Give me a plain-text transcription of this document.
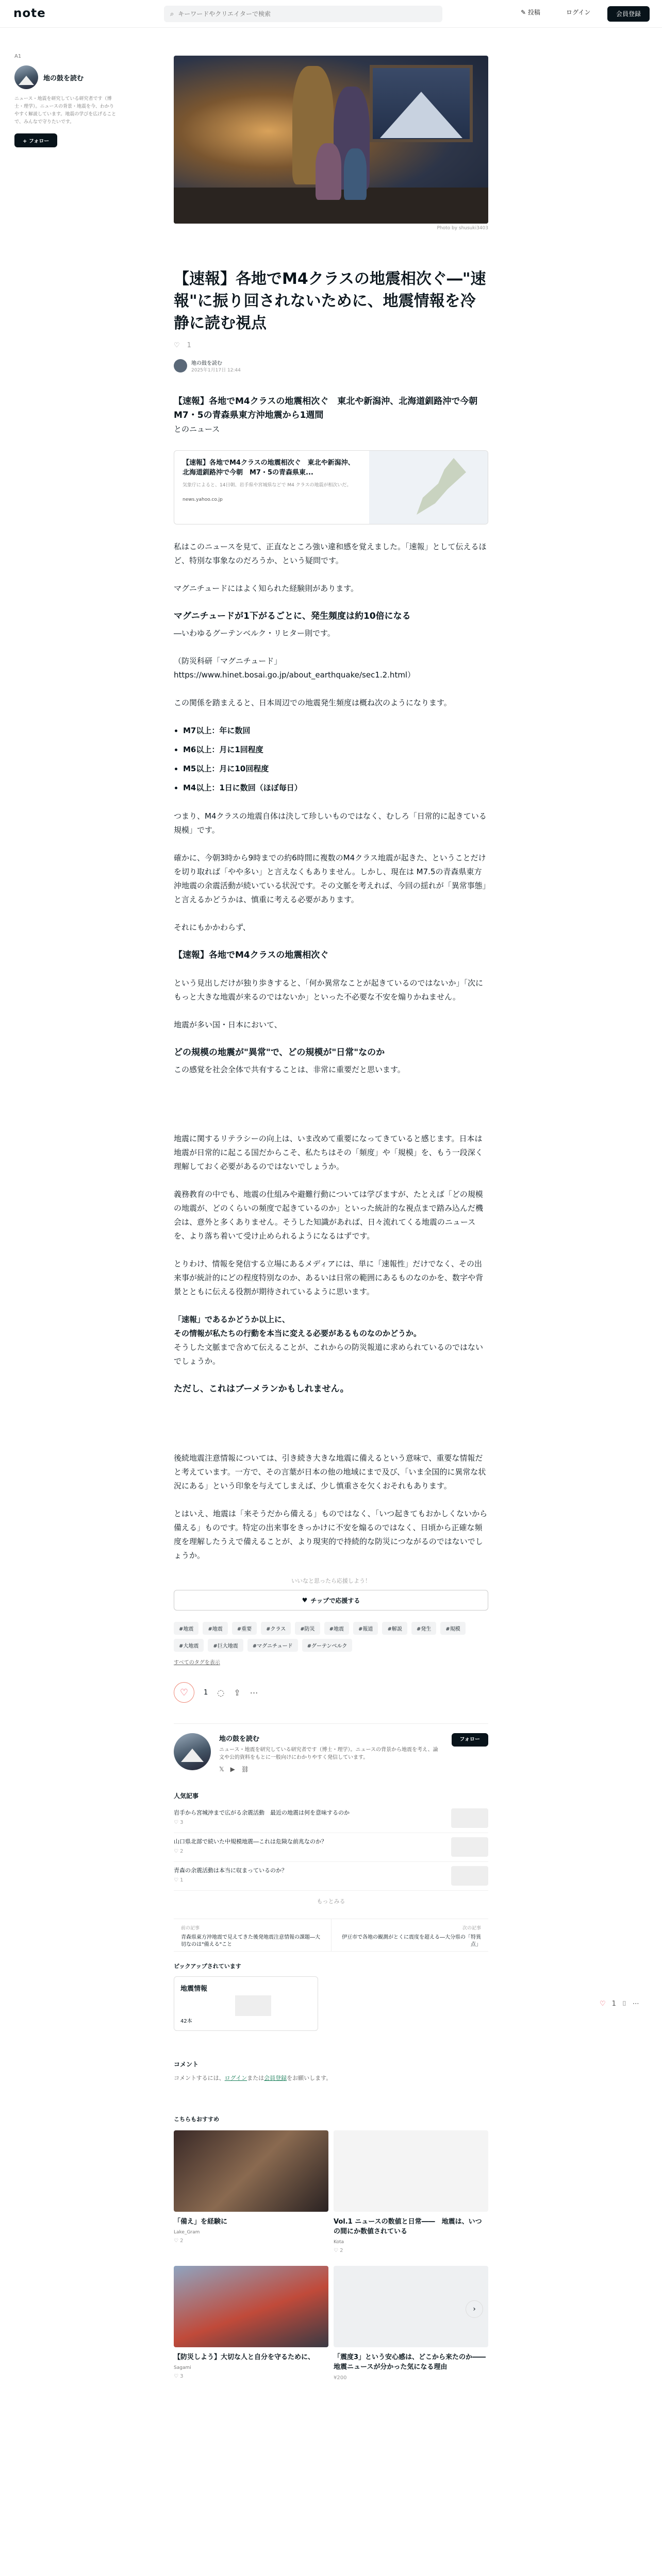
note	⌕
キーワードやクリエイターで検索	✎ 投稿	ログイン	会員登録
A1
地の鼓を読む
ニュース・地震を研究している研究者です（博士・理学）。ニュースの背景・地震を今、わかりやすく解説しています。地震の学びを広げることで、みんなで守りたいです。
+ フォロー
♡ 1 ⌷ ⋯
Photo by shusuki3403
【速報】各地でM4クラスの地震相次ぐ―"速報"に振り回されないために、地震情報を冷静に読む視点
♡ 1
地の鼓を読む
2025年1月17日 12:44

【速報】各地でM4クラスの地震相次ぐ　東北や新潟沖、北海道釧路沖で今朝　M7・5の青森県東方沖地震から1週間
とのニュース

【速報】各地でM4クラスの地震相次ぐ　東北や新潟沖、北海道釧路沖で今朝　M7・5の青森県東...
気象庁によると、14日朝、岩手県や宮城県などで M4 クラスの地震が相次いだ。
news.yahoo.co.jp

私はこのニュースを見て、正直なところ強い違和感を覚えました。「速報」として伝えるほど、特別な事象なのだろうか、という疑問です。

マグニチュードにはよく知られた経験則があります。

マグニチュードが1下がるごとに、発生頻度は約10倍になる

―いわゆるグーテンベルク・リヒター則です。

（防災科研「マグニチュード」
https://www.hinet.bosai.go.jp/about_earthquake/sec1.2.html）

この関係を踏まえると、日本周辺での地震発生頻度は概ね次のようになります。

• M7以上：年に数回
• M6以上：月に1回程度
• M5以上：月に10回程度
• M4以上：1日に数回（ほぼ毎日）

つまり、M4クラスの地震自体は決して珍しいものではなく、むしろ「日常的に起きている規模」です。

確かに、今朝3時から9時までの約6時間に複数のM4クラス地震が起きた、ということだけを切り取れば「やや多い」と言えなくもありません。しかし、現在は M7.5の青森県東方沖地震の余震活動が続いている状況です。その文脈を考えれば、今回の揺れが「異常事態」と言えるかどうかは、慎重に考える必要があります。

それにもかかわらず、

【速報】各地でM4クラスの地震相次ぐ

という見出しだけが独り歩きすると、「何か異常なことが起きているのではないか」「次にもっと大きな地震が来るのではないか」といった不必要な不安を煽りかねません。

地震が多い国・日本において、

どの規模の地震が"異常"で、どの規模が"日常"なのか

この感覚を社会全体で共有することは、非常に重要だと思います。

地震に関するリテラシーの向上は、いま改めて重要になってきていると感じます。日本は地震が日常的に起こる国だからこそ、私たちはその「頻度」や「規模」を、もう一段深く理解しておく必要があるのではないでしょうか。

義務教育の中でも、地震の仕組みや避難行動については学びますが、たとえば「どの規模の地震が、どのくらいの頻度で起きているのか」といった統計的な視点まで踏み込んだ機会は、意外と多くありません。そうした知識があれば、日々流れてくる地震のニュースを、より落ち着いて受け止められるようになるはずです。

とりわけ、情報を発信する立場にあるメディアには、単に「速報性」だけでなく、その出来事が統計的にどの程度特別なのか、あるいは日常の範囲にあるものなのかを、数字や背景とともに伝える役割が期待されているように思います。

「速報」であるかどうか以上に、
その情報が私たちの行動を本当に変える必要があるものなのかどうか。
そうした文脈まで含めて伝えることが、これからの防災報道に求められているのではないでしょうか。

ただし、これはブーメランかもしれません。

後続地震注意情報については、引き続き大きな地震に備えるという意味で、重要な情報だと考えています。一方で、その言葉が日本の他の地域にまで及び、「いま全国的に異常な状況にある」という印象を与えてしまえば、少し慎重さを欠くおそれもあります。

とはいえ、地震は「来そうだから備える」ものではなく、「いつ起きてもおかしくないから備える」ものです。特定の出来事をきっかけに不安を煽るのではなく、日頃から正確な頻度を理解したうえで備えることが、より現実的で持続的な防災につながるのではないでしょうか。

いいなと思ったら応援しよう！
♥ チップで応援する
#地震	#地震	#重要	#クラス	#防災	#地震	#報道	#解説	#発生	#規模
#大地震	#巨大地震	#マグニチュード	#グーテンベルク
すべてのタグを表示
♡ 1 ◌ ⇪ ⋯
地の鼓を読む
ニュース・地震を研究している研究者です（博士・理学）。ニュースの背景から地震を考え、論文や公的資料をもとに一般向けにわかりやすく発信しています。
𝕏 ▶ ⛓
フォロー
人気記事
岩手から宮城沖まで広がる余震活動　最近の地震は何を意味するのか
♡ 3
山口県北部で続いた中規模地震―これは危険な前兆なのか？
♡ 2
青森の余震活動は本当に収まっているのか？
♡ 1
もっとみる
前の記事
青森県東方沖地震で見えてきた後発地震注意情報の課題―大切なのは"備える"こと
次の記事
伊豆市で各地の観測がとくに震度を超える―大分県の「特異点」
ピックアップされています
地震情報
42本
コメント
コメントするには、ログインまたは会員登録をお願いします。
こちらもおすすめ
「備え」を経験に
Lake_Gram
♡ 2
Vol.1 ニュースの数値と日常――　地震は、いつの間にか数値されている
Kota
♡ 2
【防災しよう】大切な人と自分を守るために、
Sagami
♡ 3
「震度3」という安心感は、どこから来たのか――地震ニュースが分かった気になる理由
¥200
›
